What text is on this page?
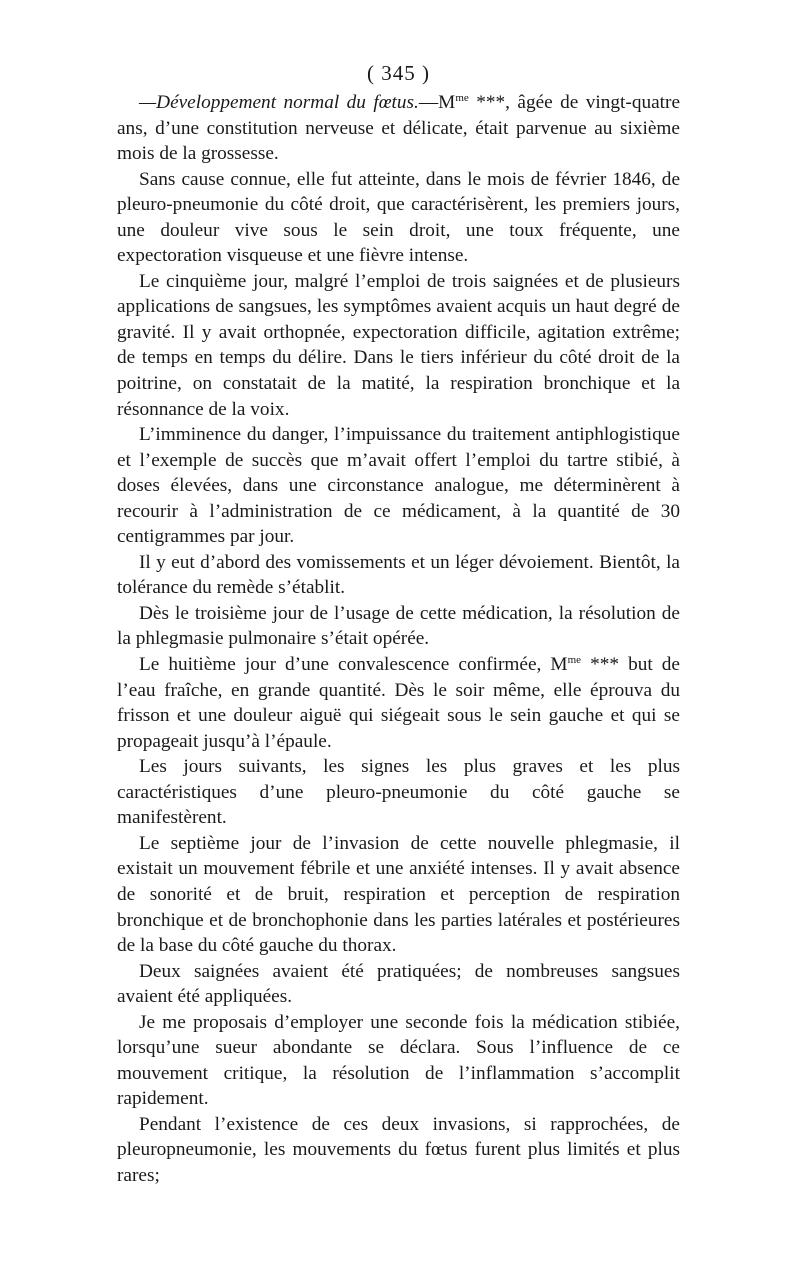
( 345 )

—Développement normal du $fœtus.—M^{me}$ ***, âgée de vingt-quatre ans, d’une constitution nerveuse et délicate, était parvenue au sixième mois de la grossesse.

Sans cause connue, elle fut atteinte, dans le mois de février 1846, de pleuro-pneumonie du côté droit, que caractérisèrent, les premiers jours, une douleur vive sous le sein droit, une toux fréquente, une expectoration visqueuse et une fièvre intense.

Le cinquième jour, malgré l’emploi de trois saignées et de plusieurs applications de sangsues, les symptômes avaient acquis un haut degré de gravité. Il y avait orthopnée, expectoration difficile, agitation extrême; de temps en temps du délire. Dans le tiers inférieur du côté droit de la poitrine, on constatait de la matité, la respiration bronchique et la résonnance de la voix.

L’imminence du danger, l’impuissance du traitement antiphlogistique et l’exemple de succès que m’avait offert l’emploi du tartre stibié, à doses élevées, dans une circonstance analogue, me déterminèrent à recourir à l’administration de ce médicament, à la quantité de 30 centigrammes par jour.

Il y eut d’abord des vomissements et un léger dévoiement. Bientôt, la tolérance du remède s’établit.

Dès le troisième jour de l’usage de cette médication, la résolution de la phlegmasie pulmonaire s’était opérée.

Le huitième jour d’une convalescence confirmée, $M^{me}$ *** but de l’eau fraîche, en grande quantité. Dès le soir même, elle éprouva du frisson et une douleur aiguë qui siégeait sous le sein gauche et qui se propageait jusqu’à l’épaule.

Les jours suivants, les signes les plus graves et les plus caractéristiques d’une pleuro-pneumonie du côté gauche se manifestèrent.

Le septième jour de l’invasion de cette nouvelle phlegmasie, il existait un mouvement fébrile et une anxiété intenses. Il y avait absence de sonorité et de bruit, respiration et perception de respiration bronchique et de bronchophonie dans les parties latérales et postérieures de la base du côté gauche du thorax.

Deux saignées avaient été pratiquées; de nombreuses sangsues avaient été appliquées.

Je me proposais d’employer une seconde fois la médication stibiée, lorsqu’une sueur abondante se déclara. Sous l’influence de ce mouvement critique, la résolution de l’inflammation s’accomplit rapidement.

Pendant l’existence de ces deux invasions, si rapprochées, de pleuropneumonie, les mouvements du fœtus furent plus limités et plus rares;
